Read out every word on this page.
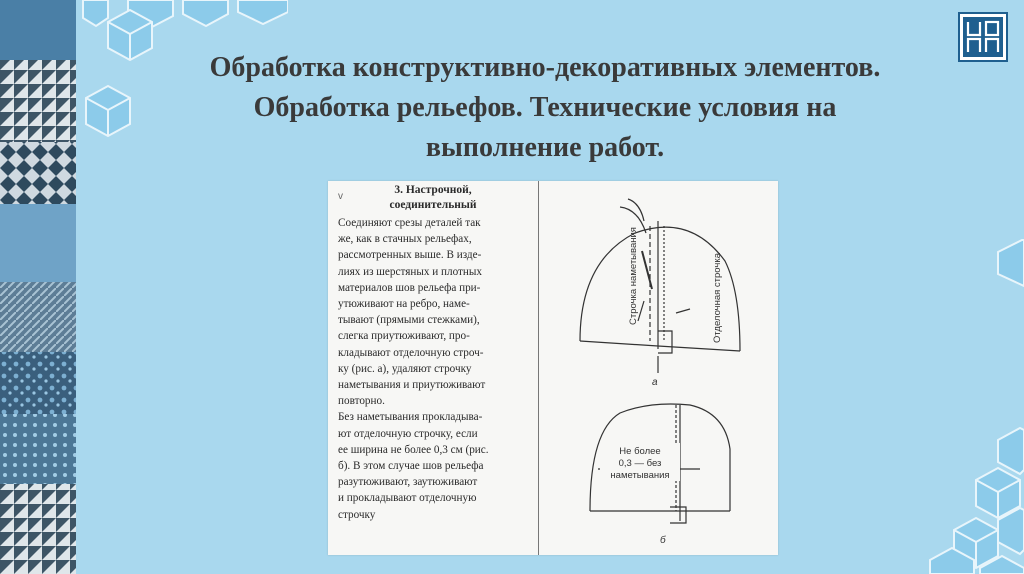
Обработка конструктивно-декоративных элементов.
Обработка рельефов. Технические условия на
выполнение работ.
v
3. Настрочной,
соединительный
Соединяют срезы деталей так
же, как в стачных рельефах,
рассмотренных выше. В изде-
лиях из шерстяных и плотных
материалов шов рельефа при-
утюживают на ребро, наме-
тывают (прямыми стежками),
слегка приутюживают, про-
кладывают отделочную строч-
ку (рис. а), удаляют строчку
наметывания и приутюживают
повторно.
Без наметывания прокладыва-
ют отделочную строчку, если
ее ширина не более 0,3 см (рис.
б). В этом случае шов рельефа
разутюживают, заутюживают
и прокладывают отделочную
строчку
Строчка наметывания	Отделочная строчка
а
Не более
0,3 — без
наметывания
б
